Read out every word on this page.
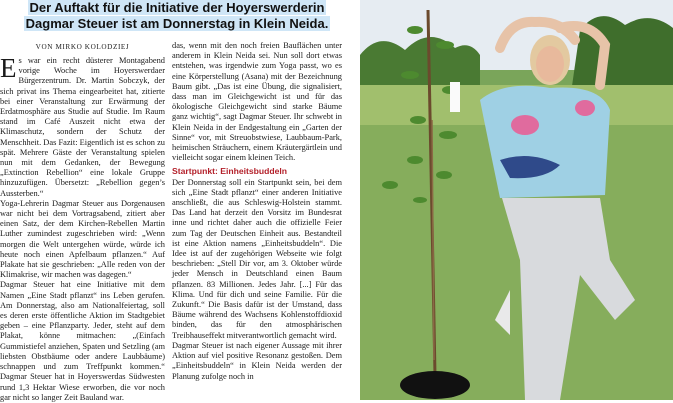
Der Auftakt für die Initiative der Hoyerswerderin
Dagmar Steuer ist am Donnerstag in Klein Neida.
VON MIRKO KOLODZIEJ

Es war ein recht düsterer Montagabend vorige Woche im Hoyerswerdaer Bürgerzentrum. Dr. Martin Sobczyk, der sich privat ins Thema eingearbeitet hat, zitierte bei einer Veranstaltung zur Erwärmung der Erdatmosphäre aus Studie auf Studie. Im Raum stand im Café Auszeit nicht etwa der Klimaschutz, sondern der Schutz der Menschheit. Das Fazit: Eigentlich ist es schon zu spät. Mehrere Gäste der Veranstaltung spielen nun mit dem Gedanken, der Bewegung „Extinction Rebellion“ eine lokale Gruppe hinzuzufügen. Übersetzt: „Rebellion gegen’s Aussterben.“

Yoga-Lehrerin Dagmar Steuer aus Dorgenausen war nicht bei dem Vortragsabend, zitiert aber einen Satz, der dem Kirchen-Rebellen Martin Luther zumindest zugeschrieben wird: „Wenn morgen die Welt untergehen würde, würde ich heute noch einen Apfelbaum pflanzen.“ Auf Plakate hat sie geschrieben: „Alle reden von der Klimakrise, wir machen was dagegen.“

Dagmar Steuer hat eine Initiative mit dem Namen „Eine Stadt pflanzt“ ins Leben gerufen. Am Donnerstag, also am Nationalfeiertag, soll es deren erste öffentliche Aktion im Stadtgebiet geben – eine Pflanzparty. Jeder, steht auf dem Plakat, könne mitmachen: „(Einfach Gummistiefel anziehen, Spaten und Setzling (am liebsten Obstbäume oder andere Laubbäume) schnappen und zum Treffpunkt kommen.“ Dagmar Steuer hat in Hoyerswerdas Südwesten rund 1,3 Hektar Wiese erworben, die vor noch gar nicht so langer Zeit Bauland war.

das, wenn mit den noch freien Bauflächen unter anderem in Klein Neida sei. Nun soll dort etwas entstehen, was irgendwie zum Yoga passt, wo es eine Körperstellung (Asana) mit der Bezeichnung Baum gibt. „Das ist eine Übung, die signalisiert, dass man im Gleichgewicht ist und für das ökologische Gleichgewicht sind starke Bäume ganz wichtig“, sagt Dagmar Steuer. Ihr schwebt in Klein Neida in der Endgestaltung ein „Garten der Sinne“ vor, mit Streuobstwiese, Laubbaum-Park, heimischen Sträuchern, einem Kräutergärtlein und vielleicht sogar einem kleinen Teich.

Startpunkt: Einheitsbuddeln

Der Donnerstag soll ein Startpunkt sein, bei dem sich „Eine Stadt pflanzt“ einer anderen Initiative anschließt, die aus Schleswig-Holstein stammt. Das Land hat derzeit den Vorsitz im Bundesrat inne und richtet daher auch die offizielle Feier zum Tag der Deutschen Einheit aus. Bestandteil ist eine Aktion namens „Einheitsbuddeln“. Die Idee ist auf der zugehörigen Webseite wie folgt beschrieben: „Stell Dir vor, am 3. Oktober würde jeder Mensch in Deutschland einen Baum pflanzen. 83 Millionen. Jedes Jahr. [...] Für das Klima. Und für dich und seine Familie. Für die Zukunft.“ Die Basis dafür ist der Umstand, dass Bäume während des Wachsens Kohlenstoffdioxid binden, das für den atmosphärischen Treibhauseffekt mitverantwortlich gemacht wird.

Dagmar Steuer ist nach eigener Aussage mit ihrer Aktion auf viel positive Resonanz gestoßen. Dem „Einheitsbuddeln“ in Klein Neida werden der Planung zufolge noch in
